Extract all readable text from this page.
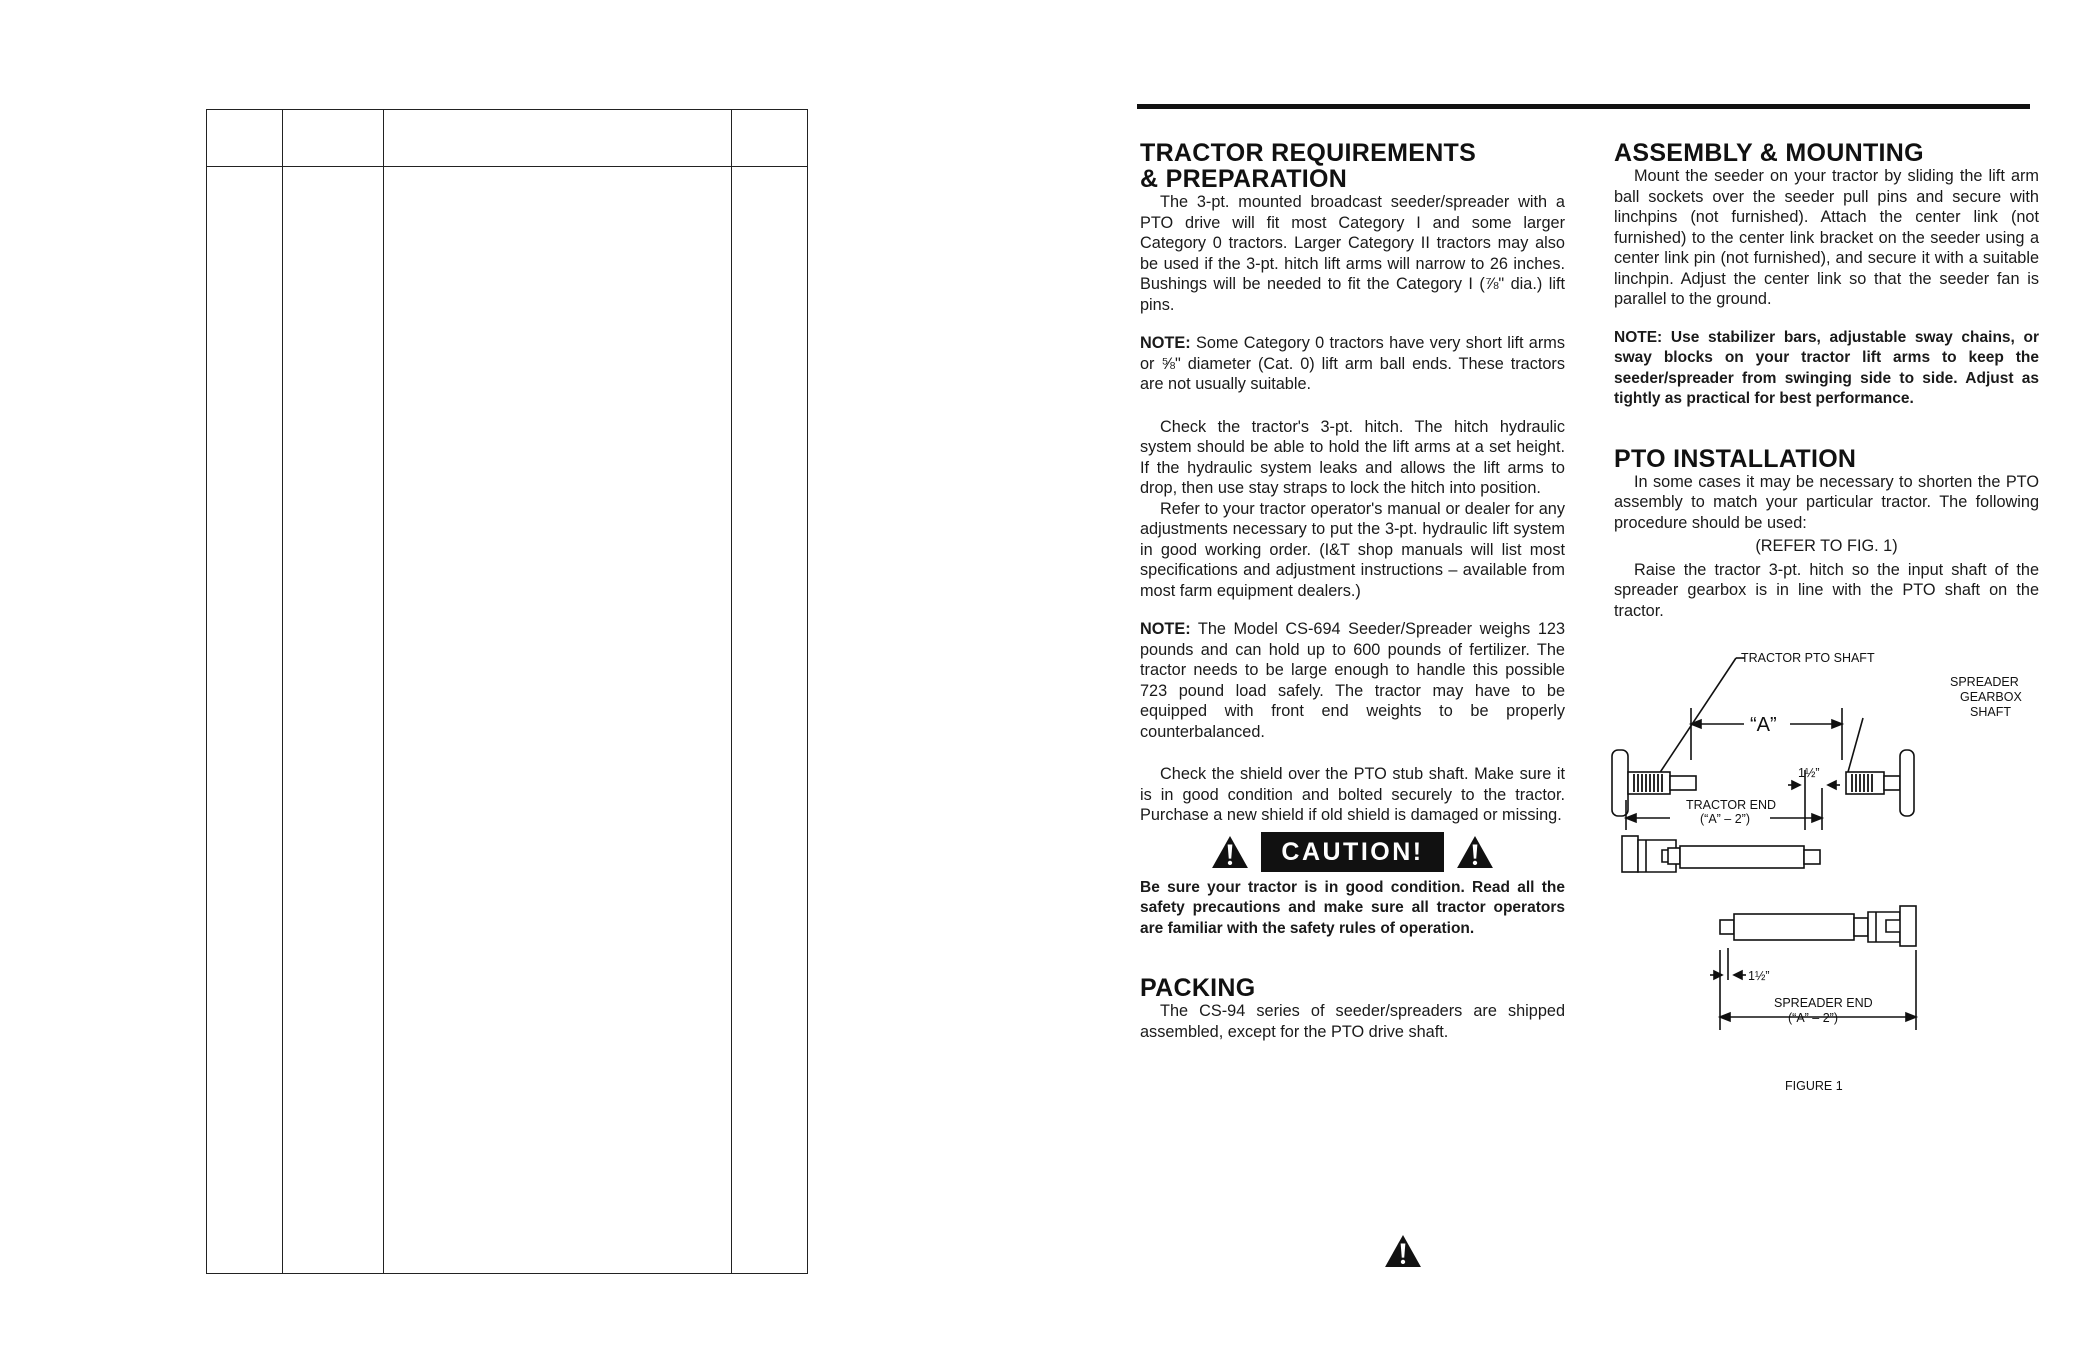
TRACTOR REQUIREMENTS
& PREPARATION

The 3-pt. mounted broadcast seeder/spreader with a PTO drive will fit most Category I and some larger Category 0 tractors. Larger Category II tractors may also be used if the 3-pt. hitch lift arms will narrow to 26 inches. Bushings will be needed to fit the Category I (⅞" dia.) lift pins.

NOTE: Some Category 0 tractors have very short lift arms or ⅝" diameter (Cat. 0) lift arm ball ends. These tractors are not usually suitable.

Check the tractor's 3-pt. hitch. The hitch hydraulic system should be able to hold the lift arms at a set height. If the hydraulic system leaks and allows the lift arms to drop, then use stay straps to lock the hitch into position.

Refer to your tractor operator's manual or dealer for any adjustments necessary to put the 3-pt. hydraulic lift system in good working order. (I&T shop manuals will list most specifications and adjustment instructions – available from most farm equipment dealers.)

NOTE: The Model CS-694 Seeder/Spreader weighs 123 pounds and can hold up to 600 pounds of fertilizer. The tractor needs to be large enough to handle this possible 723 pound load safely. The tractor may have to be equipped with front end weights to be properly counterbalanced.

Check the shield over the PTO stub shaft. Make sure it is in good condition and bolted securely to the tractor. Purchase a new shield if old shield is damaged or missing.

CAUTION!

Be sure your tractor is in good condition. Read all the safety precautions and make sure all tractor operators are familiar with the safety rules of operation.

PACKING

The CS-94 series of seeder/spreaders are shipped assembled, except for the PTO drive shaft.

ASSEMBLY & MOUNTING

Mount the seeder on your tractor by sliding the lift arm ball sockets over the seeder pull pins and secure with linchpins (not furnished). Attach the center link (not furnished) to the center link bracket on the seeder using a center link pin (not furnished), and secure it with a suitable linchpin. Adjust the center link so that the seeder fan is parallel to the ground.

NOTE: Use stabilizer bars, adjustable sway chains, or sway blocks on your tractor lift arms to keep the seeder/spreader from swinging side to side. Adjust as tightly as practical for best performance.

PTO INSTALLATION

In some cases it may be necessary to shorten the PTO assembly to match your particular tractor. The following procedure should be used:

(REFER TO FIG. 1)

Raise the tractor 3-pt. hitch so the input shaft of the spreader gearbox is in line with the PTO shaft on the tractor.

TRACTOR PTO SHAFT
SPREADER
GEARBOX
SHAFT
“A”
1½”
TRACTOR END
(“A” – 2”)
1½”
SPREADER END
(“A” – 2”)
FIGURE 1
